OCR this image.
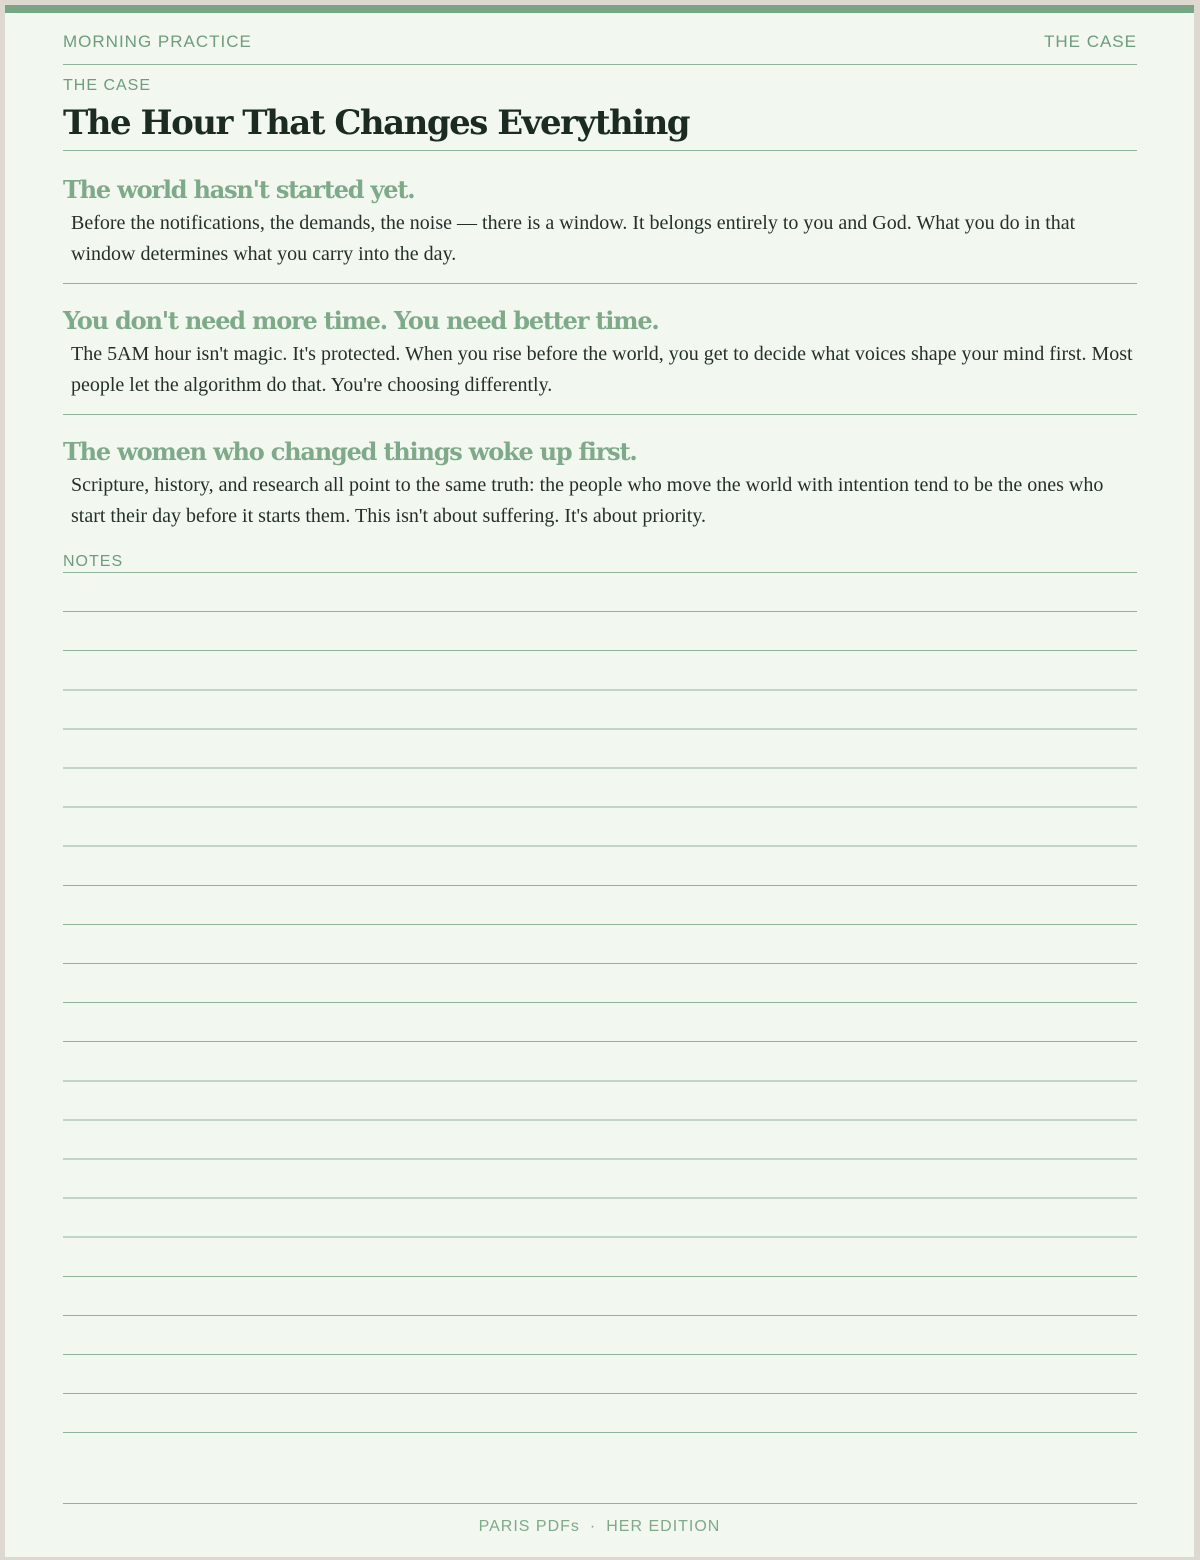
MORNING PRACTICE	THE CASE
THE CASE
The Hour That Changes Everything
The world hasn't started yet.

Before the notifications, the demands, the noise — there is a window. It belongs entirely to you and God. What you do in that window determines what you carry into the day.

You don't need more time. You need better time.

The 5AM hour isn't magic. It's protected. When you rise before the world, you get to decide what voices shape your mind first. Most people let the algorithm do that. You're choosing differently.

The women who changed things woke up first.

Scripture, history, and research all point to the same truth: the people who move the world with intention tend to be the ones who start their day before it starts them. This isn't about suffering. It's about priority.

NOTES
PARIS PDFs · HER EDITION
